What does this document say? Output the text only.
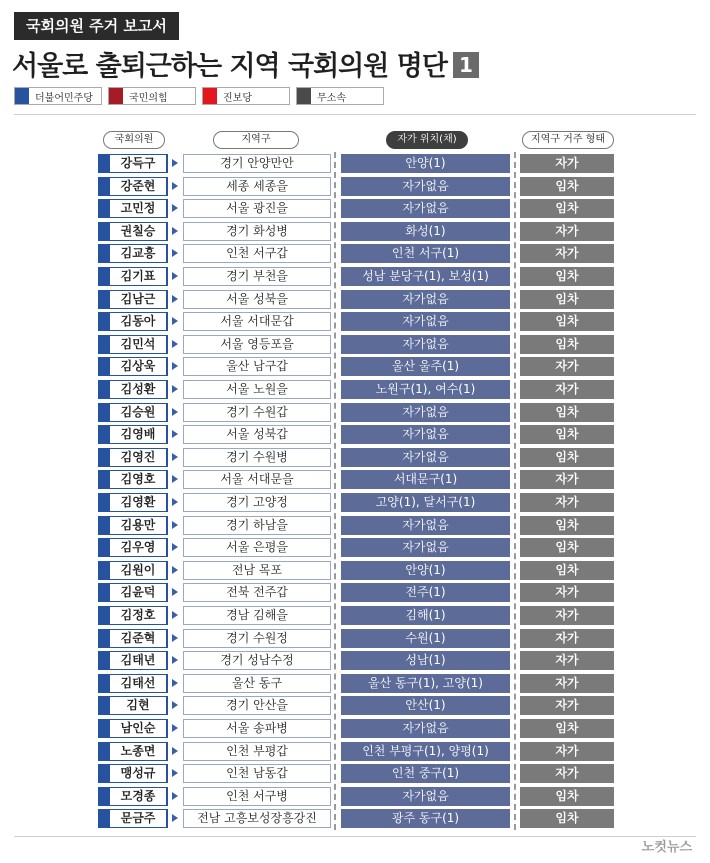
국회의원 주거 보고서
서울로 출퇴근하는 지역 국회의원 명단 1
더불어민주당	국민의힘	진보당	무소속
국회의원	지역구	자가 위치(채)	지역구 거주 형태
강득구	경기 안양만안	안양(1)	자가
강준현	세종 세종을	자가없음	임차
고민정	서울 광진을	자가없음	임차
권칠승	경기 화성병	화성(1)	자가
김교흥	인천 서구갑	인천 서구(1)	자가
김기표	경기 부천을	성남 분당구(1), 보성(1)	임차
김남근	서울 성북을	자가없음	임차
김동아	서울 서대문갑	자가없음	임차
김민석	서울 영등포을	자가없음	임차
김상욱	울산 남구갑	울산 울주(1)	자가
김성환	서울 노원을	노원구(1), 여수(1)	자가
김승원	경기 수원갑	자가없음	임차
김영배	서울 성북갑	자가없음	임차
김영진	경기 수원병	자가없음	임차
김영호	서울 서대문을	서대문구(1)	자가
김영환	경기 고양정	고양(1), 달서구(1)	자가
김용만	경기 하남을	자가없음	임차
김우영	서울 은평을	자가없음	임차
김원이	전남 목포	안양(1)	임차
김윤덕	전북 전주갑	전주(1)	자가
김정호	경남 김해을	김해(1)	자가
김준혁	경기 수원정	수원(1)	자가
김태년	경기 성남수정	성남(1)	자가
김태선	울산 동구	울산 동구(1), 고양(1)	자가
김현	경기 안산을	안산(1)	자가
남인순	서울 송파병	자가없음	임차
노종면	인천 부평갑	인천 부평구(1), 양평(1)	자가
맹성규	인천 남동갑	인천 중구(1)	자가
모경종	인천 서구병	자가없음	임차
문금주	전남 고흥보성장흥강진	광주 동구(1)	임차
노컷뉴스
